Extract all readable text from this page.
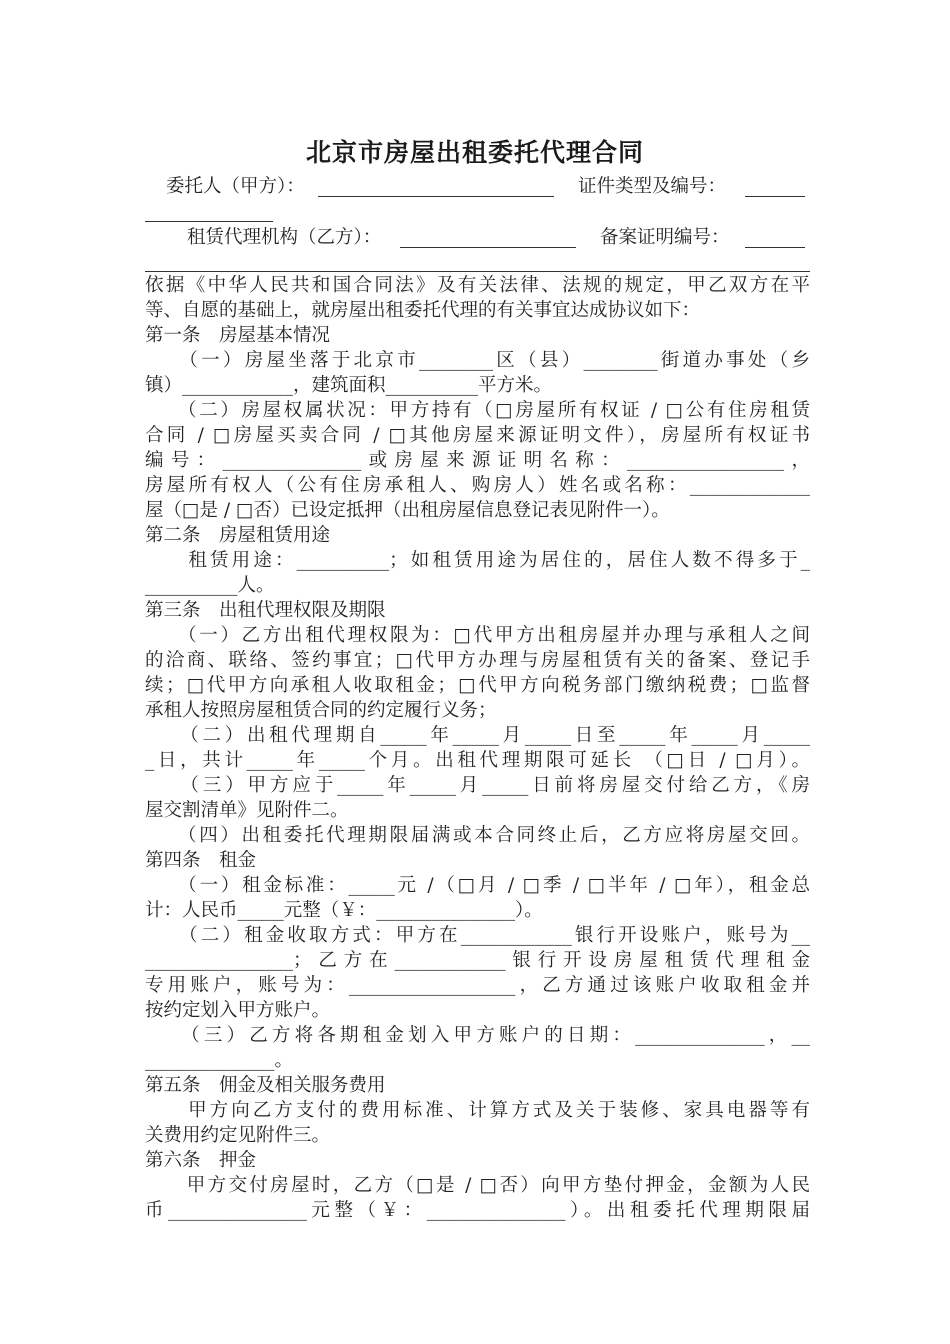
北京市房屋出租委托代理合同
委托人（甲方）：	证件类型及编号：
租赁代理机构（乙方）：	备案证明编号：
依据《中华人民共和国合同法》及有关法律、法规的规定，甲乙双方在平
等、自愿的基础上，就房屋出租委托代理的有关事宜达成协议如下：
第一条　房屋基本情况
　　（一）房屋坐落于北京市________区（县）________街道办事处（乡
镇）____________，建筑面积__________平方米。
　　（二）房屋权属状况：甲方持有（□房屋所有权证 / □公有住房租赁
合同 / □房屋买卖合同 / □其他房屋来源证明文件），房屋所有权证书
编号：_______________或房屋来源证明名称：_________________，
房屋所有权人（公有住房承租人、购房人）姓名或名称：_____________
屋（□是 / □否）已设定抵押（出租房屋信息登记表见附件一）。
第二条　房屋租赁用途
　　租赁用途：__________；如租赁用途为居住的，居住人数不得多于_
__________人。
第三条　出租代理权限及期限
　　（一）乙方出租代理权限为：□代甲方出租房屋并办理与承租人之间
的洽商、联络、签约事宜；□代甲方办理与房屋租赁有关的备案、登记手
续；□代甲方向承租人收取租金；□代甲方向税务部门缴纳税费；□监督
承租人按照房屋租赁合同的约定履行义务；
　　（二）出租代理期自_____年_____月_____日至_____年_____月_____
_日，共计_____年_____个月。出租代理期限可延长 （□日 / □月）。
　　（三）甲方应于_____年_____月_____日前将房屋交付给乙方，《房
屋交割清单》见附件二。
　　（四）出租委托代理期限届满或本合同终止后，乙方应将房屋交回。
第四条　租金
　　（一）租金标准：_____元 /（□月 / □季 / □半年 / □年），租金总
计：人民币_____元整（￥：_______________）。
　　（二）租金收取方式：甲方在____________银行开设账户，账号为__
________________；乙方在____________银行开设房屋租赁代理租金
专用账户，账号为：__________________，乙方通过该账户收取租金并
按约定划入甲方账户。
　　（三）乙方将各期租金划入甲方账户的日期：______________，__
______________。
第五条　佣金及相关服务费用
　　甲方向乙方支付的费用标准、计算方式及关于装修、家具电器等有
关费用约定见附件三。
第六条　押金
　　甲方交付房屋时，乙方（□是 / □否）向甲方垫付押金，金额为人民
币_______________元整（￥：_______________）。出租委托代理期限届
